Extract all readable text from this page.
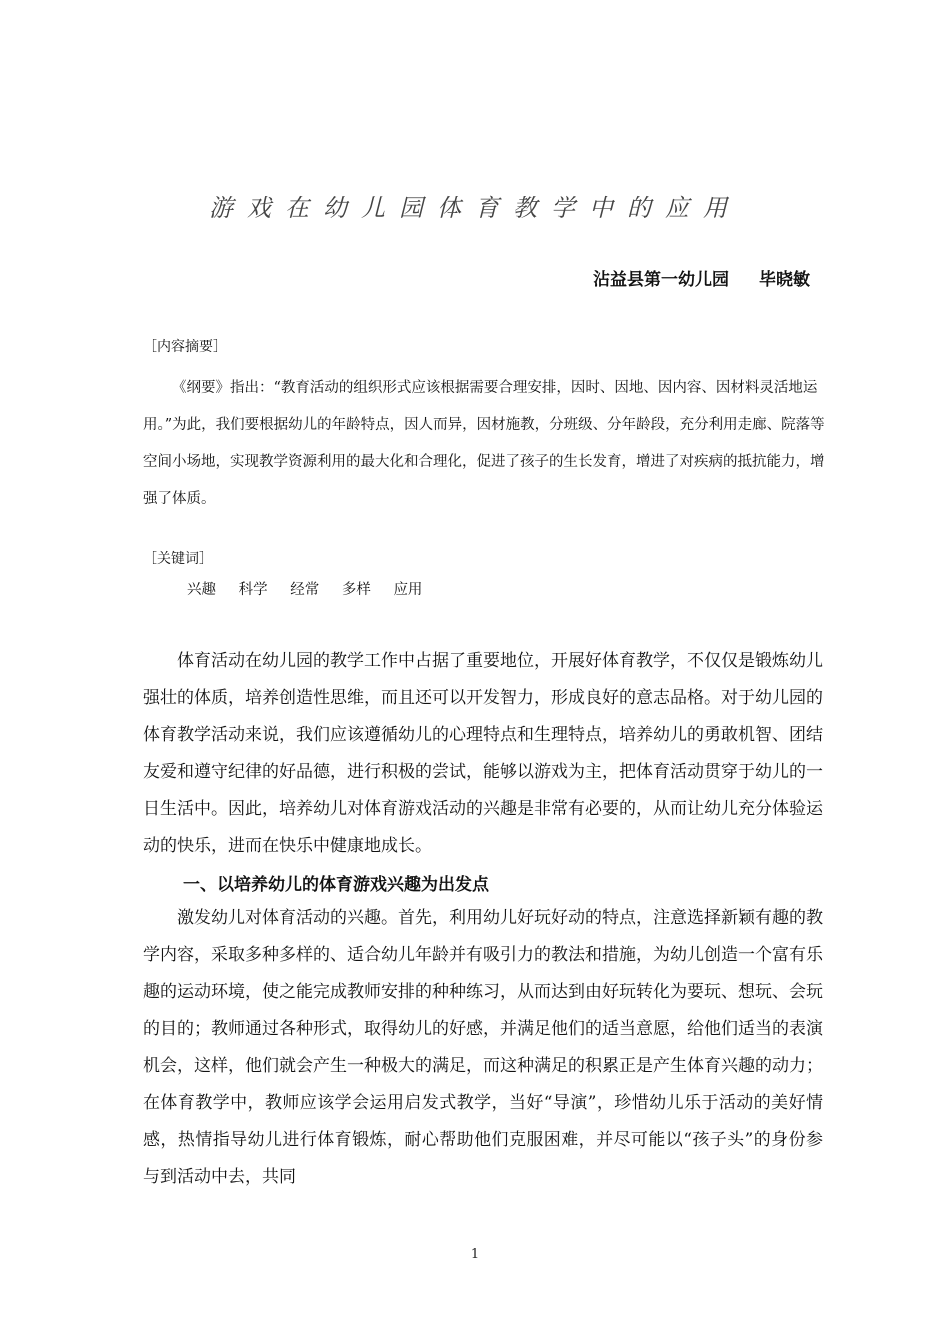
游戏在幼儿园体育教学中的应用
沾益县第一幼儿园 毕晓敏
［内容摘要］

《纲要》指出：“教育活动的组织形式应该根据需要合理安排，因时、因地、因内容、因材料灵活地运用。”为此，我们要根据幼儿的年龄特点，因人而异，因材施教，分班级、分年龄段，充分利用走廊、院落等空间小场地，实现教学资源利用的最大化和合理化，促进了孩子的生长发育，增进了对疾病的抵抗能力，增强了体质。

［关键词］
兴趣 科学 经常 多样 应用

体育活动在幼儿园的教学工作中占据了重要地位，开展好体育教学，不仅仅是锻炼幼儿强壮的体质，培养创造性思维，而且还可以开发智力，形成良好的意志品格。对于幼儿园的体育教学活动来说，我们应该遵循幼儿的心理特点和生理特点，培养幼儿的勇敢机智、团结友爱和遵守纪律的好品德，进行积极的尝试，能够以游戏为主，把体育活动贯穿于幼儿的一日生活中。因此，培养幼儿对体育游戏活动的兴趣是非常有必要的，从而让幼儿充分体验运动的快乐，进而在快乐中健康地成长。

一、以培养幼儿的体育游戏兴趣为出发点

激发幼儿对体育活动的兴趣。首先，利用幼儿好玩好动的特点，注意选择新颖有趣的教学内容，采取多种多样的、适合幼儿年龄并有吸引力的教法和措施，为幼儿创造一个富有乐趣的运动环境，使之能完成教师安排的种种练习，从而达到由好玩转化为要玩、想玩、会玩的目的；教师通过各种形式，取得幼儿的好感，并满足他们的适当意愿，给他们适当的表演机会，这样，他们就会产生一种极大的满足，而这种满足的积累正是产生体育兴趣的动力；在体育教学中，教师应该学会运用启发式教学，当好“导演”，珍惜幼儿乐于活动的美好情感，热情指导幼儿进行体育锻炼，耐心帮助他们克服困难，并尽可能以“孩子头”的身份参与到活动中去，共同

1
